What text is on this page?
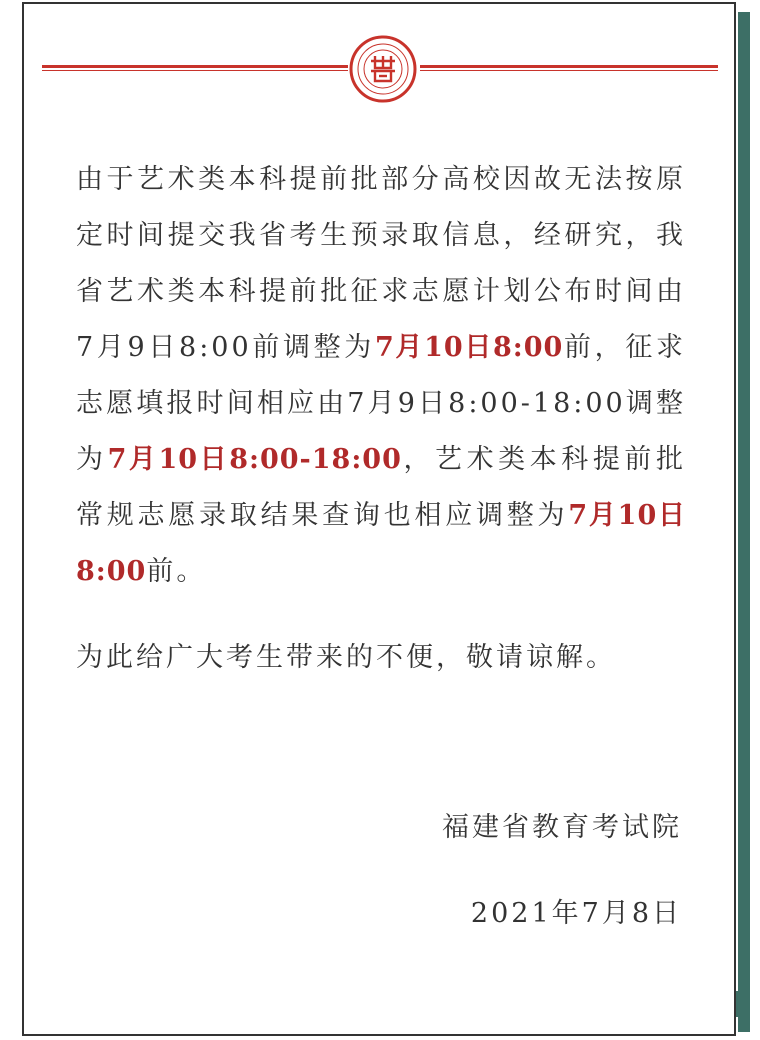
由于艺术类本科提前批部分高校因故无法按原定时间提交我省考生预录取信息，经研究，我省艺术类本科提前批征求志愿计划公布时间由7月9日8:00前调整为7月10日8:00前，征求志愿填报时间相应由7月9日8:00-18:00调整为7月10日8:00-18:00，艺术类本科提前批常规志愿录取结果查询也相应调整为7月10日8:00前。

为此给广大考生带来的不便，敬请谅解。

福建省教育考试院
2021年7月8日
